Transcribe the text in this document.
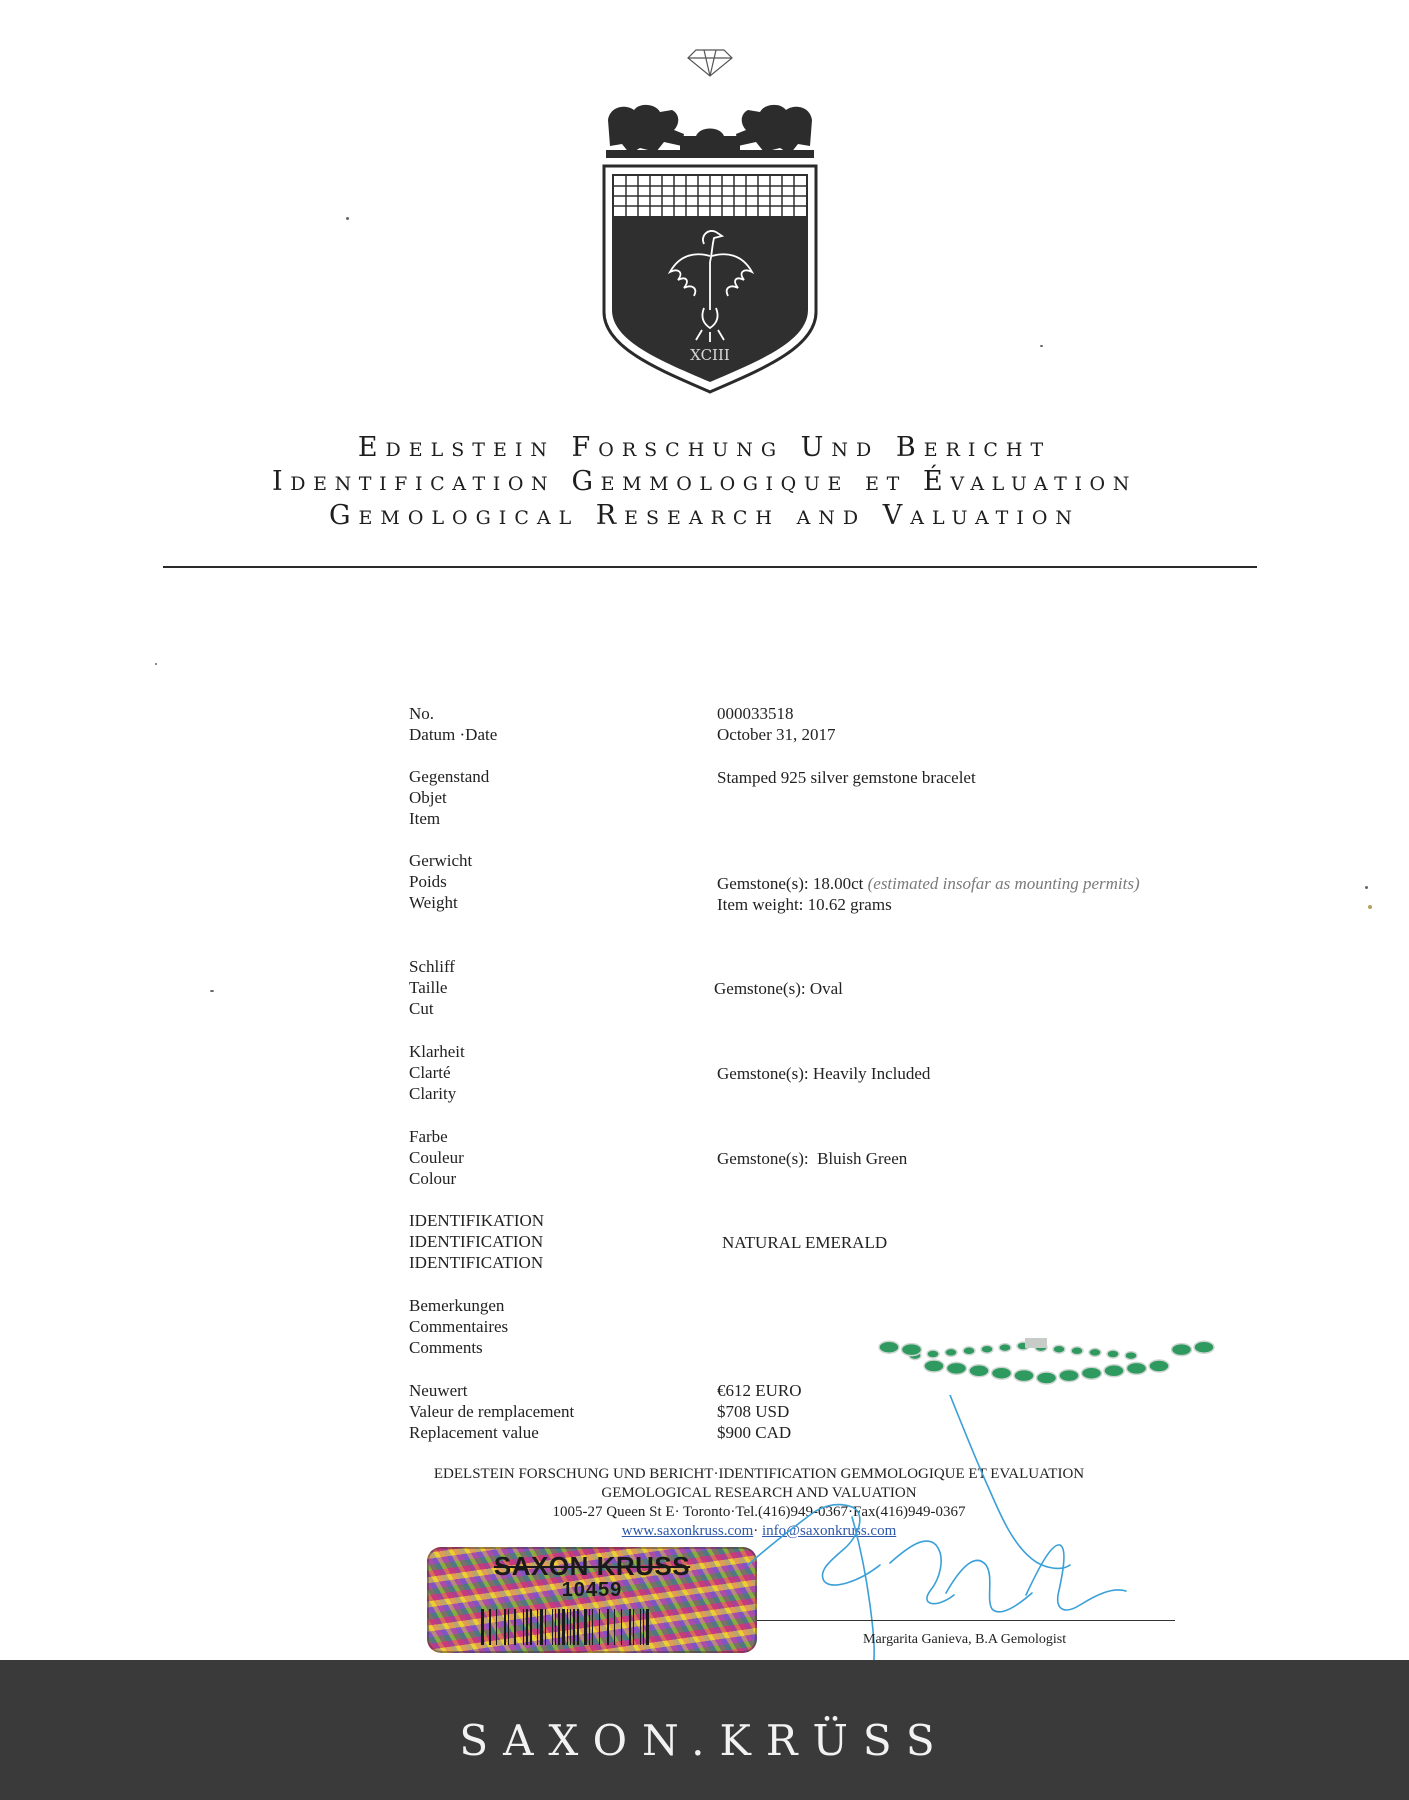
XCIII
Edelstein Forschung Und Bericht
Identification Gemmologique et Évaluation
Gemological Research and Valuation
No.
Datum ·Date
000033518
October 31, 2017
Gegenstand
Objet
Item
Stamped 925 silver gemstone bracelet
Gerwicht
Poids
Weight
Gemstone(s): 18.00ct (estimated insofar as mounting permits)
Item weight: 10.62 grams
Schliff
Taille
Cut
Gemstone(s): Oval
Klarheit
Clarté
Clarity
Gemstone(s): Heavily Included
Farbe
Couleur
Colour
Gemstone(s):  Bluish Green
IDENTIFIKATION
IDENTIFICATION
IDENTIFICATION
NATURAL EMERALD
Bemerkungen
Commentaires
Comments
Neuwert
Valeur de remplacement
Replacement value
€612 EURO
$708 USD
$900 CAD
EDELSTEIN FORSCHUNG UND BERICHT·IDENTIFICATION GEMMOLOGIQUE ET EVALUATION
GEMOLOGICAL RESEARCH AND VALUATION
1005-27 Queen St E· Toronto·Tel.(416)949-0367·Fax(416)949-0367
www.saxonkruss.com· info@saxonkruss.com
SAXON KRUSS
10459
Margarita Ganieva, B.A Gemologist
SAXON.KRÜSS
